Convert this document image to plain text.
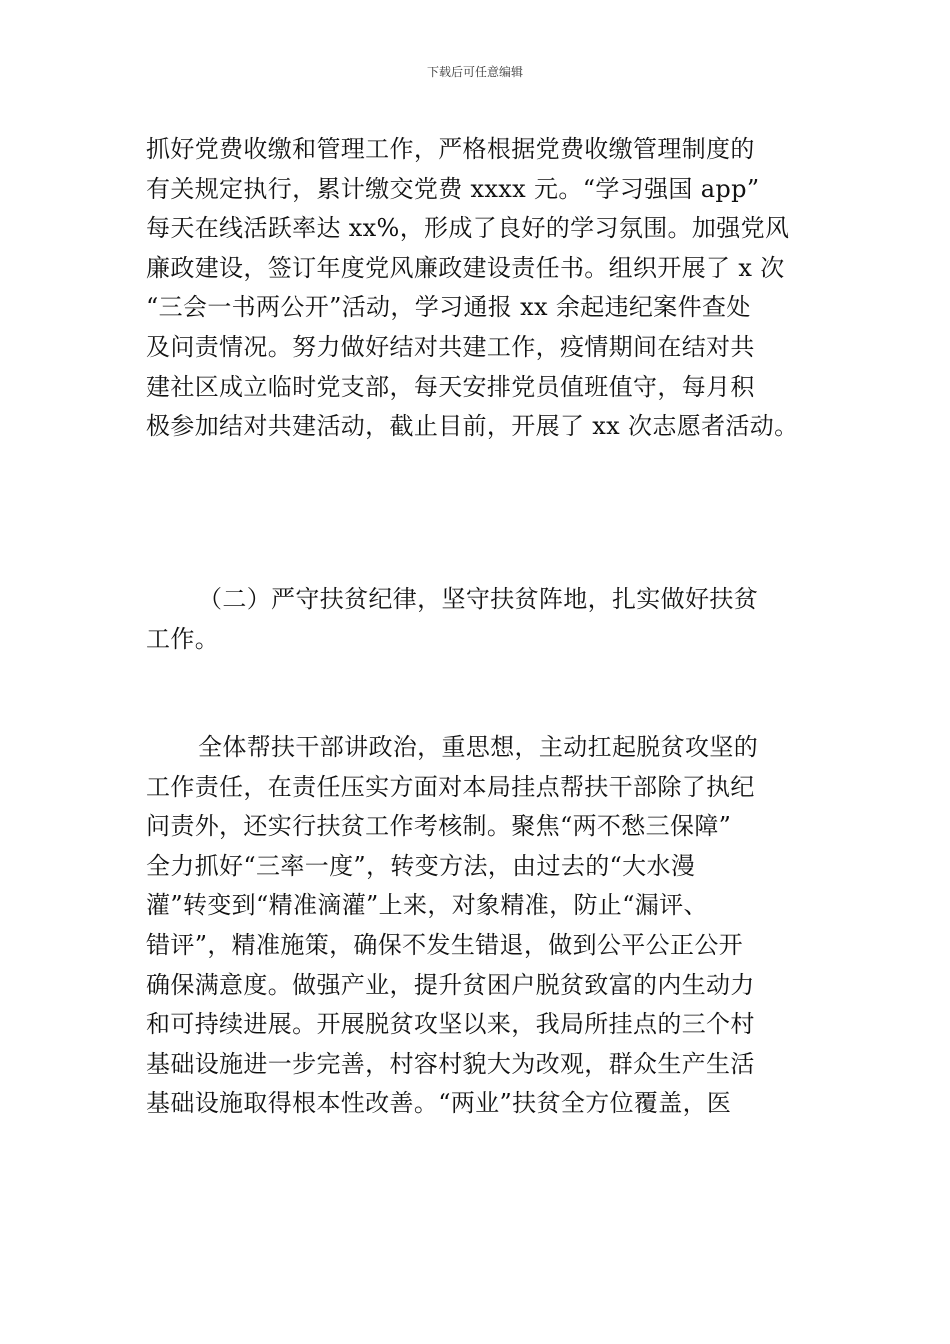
下载后可任意编辑
抓好党费收缴和管理工作，严格根据党费收缴管理制度的
有关规定执行，累计缴交党费 xxxx 元。“学习强国 app”
每天在线活跃率达 xx%，形成了良好的学习氛围。加强党风
廉政建设，签订年度党风廉政建设责任书。组织开展了 x 次
“三会一书两公开”活动，学习通报 xx 余起违纪案件查处
及问责情况。努力做好结对共建工作，疫情期间在结对共
建社区成立临时党支部，每天安排党员值班值守，每月积
极参加结对共建活动，截止目前，开展了 xx 次志愿者活动。
（二）严守扶贫纪律，坚守扶贫阵地，扎实做好扶贫
工作。
全体帮扶干部讲政治，重思想，主动扛起脱贫攻坚的
工作责任，在责任压实方面对本局挂点帮扶干部除了执纪
问责外，还实行扶贫工作考核制。聚焦“两不愁三保障”
全力抓好“三率一度”，转变方法，由过去的“大水漫
灌”转变到“精准滴灌”上来，对象精准，防止“漏评、
错评”，精准施策，确保不发生错退，做到公平公正公开
确保满意度。做强产业，提升贫困户脱贫致富的内生动力
和可持续进展。开展脱贫攻坚以来，我局所挂点的三个村
基础设施进一步完善，村容村貌大为改观，群众生产生活
基础设施取得根本性改善。“两业”扶贫全方位覆盖，医
